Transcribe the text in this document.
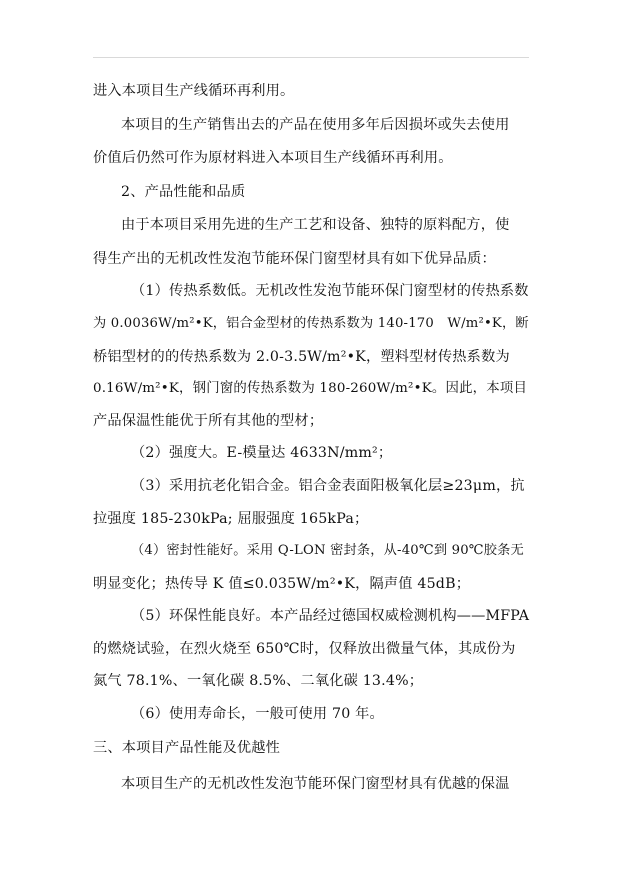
进入本项目生产线循环再利用。
本项目的生产销售出去的产品在使用多年后因损坏或失去使用
价值后仍然可作为原材料进入本项目生产线循环再利用。
2、产品性能和品质
由于本项目采用先进的生产工艺和设备、独特的原料配方，使
得生产出的无机改性发泡节能环保门窗型材具有如下优异品质：
（1）传热系数低。无机改性发泡节能环保门窗型材的传热系数
为 0.0036W/m²•K，铝合金型材的传热系数为 140-170　W/m²•K，断
桥铝型材的的传热系数为 2.0-3.5W/m²•K，塑料型材传热系数为
0.16W/m²•K，钢门窗的传热系数为 180-260W/m²•K。因此，本项目
产品保温性能优于所有其他的型材；
（2）强度大。E-模量达 4633N/mm²；
（3）采用抗老化铝合金。铝合金表面阳极氧化层≥23μm，抗
拉强度 185-230kPa; 屈服强度 165kPa；
（4）密封性能好。采用 Q-LON 密封条，从-40℃到 90℃胶条无
明显变化；热传导 K 值≤0.035W/m²•K，隔声值 45dB；
（5）环保性能良好。本产品经过德国权威检测机构——MFPA
的燃烧试验，在烈火烧至 650℃时，仅释放出微量气体，其成份为
氮气 78.1%、一氧化碳 8.5%、二氧化碳 13.4%；
（6）使用寿命长，一般可使用 70 年。
三、本项目产品性能及优越性
本项目生产的无机改性发泡节能环保门窗型材具有优越的保温
